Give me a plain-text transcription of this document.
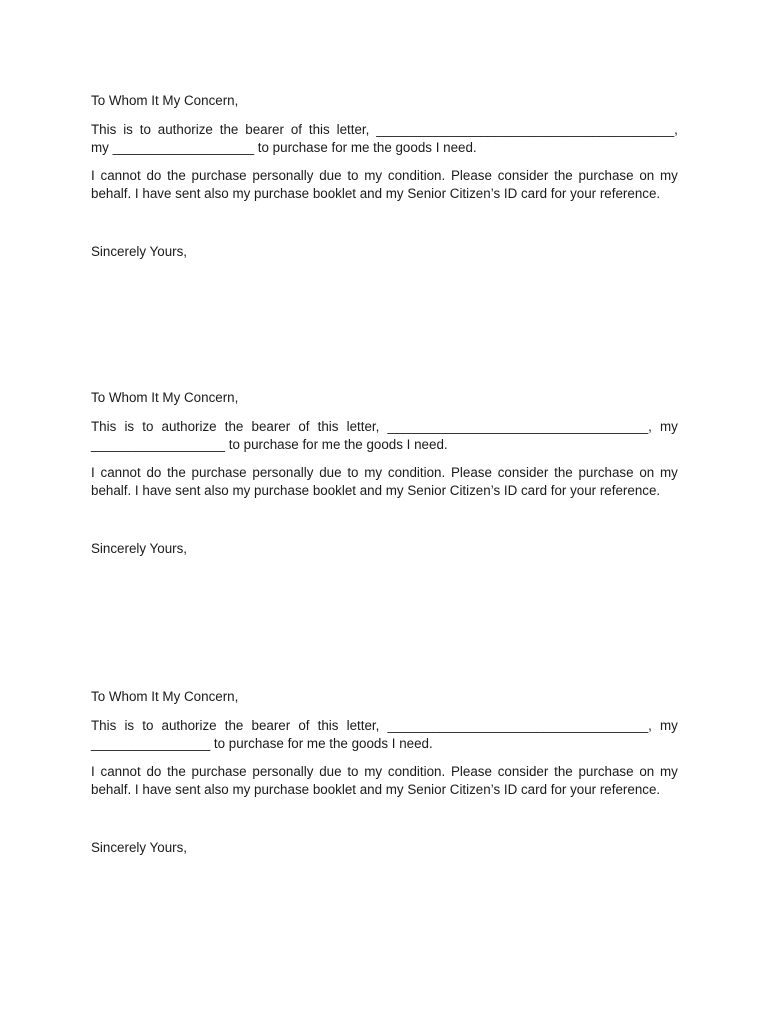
To Whom It My Concern,
This is to authorize the bearer of this letter, ________________________________________,
my ___________________ to purchase for me the goods I need.
I cannot do the purchase personally due to my condition. Please consider the purchase on my
behalf. I have sent also my purchase booklet and my Senior Citizen’s ID card for your reference.
Sincerely Yours,
To Whom It My Concern,
This is to authorize the bearer of this letter, ___________________________________, my
__________________ to purchase for me the goods I need.
I cannot do the purchase personally due to my condition. Please consider the purchase on my
behalf. I have sent also my purchase booklet and my Senior Citizen’s ID card for your reference.
Sincerely Yours,
To Whom It My Concern,
This is to authorize the bearer of this letter, ___________________________________, my
________________ to purchase for me the goods I need.
I cannot do the purchase personally due to my condition. Please consider the purchase on my
behalf. I have sent also my purchase booklet and my Senior Citizen’s ID card for your reference.
Sincerely Yours,
